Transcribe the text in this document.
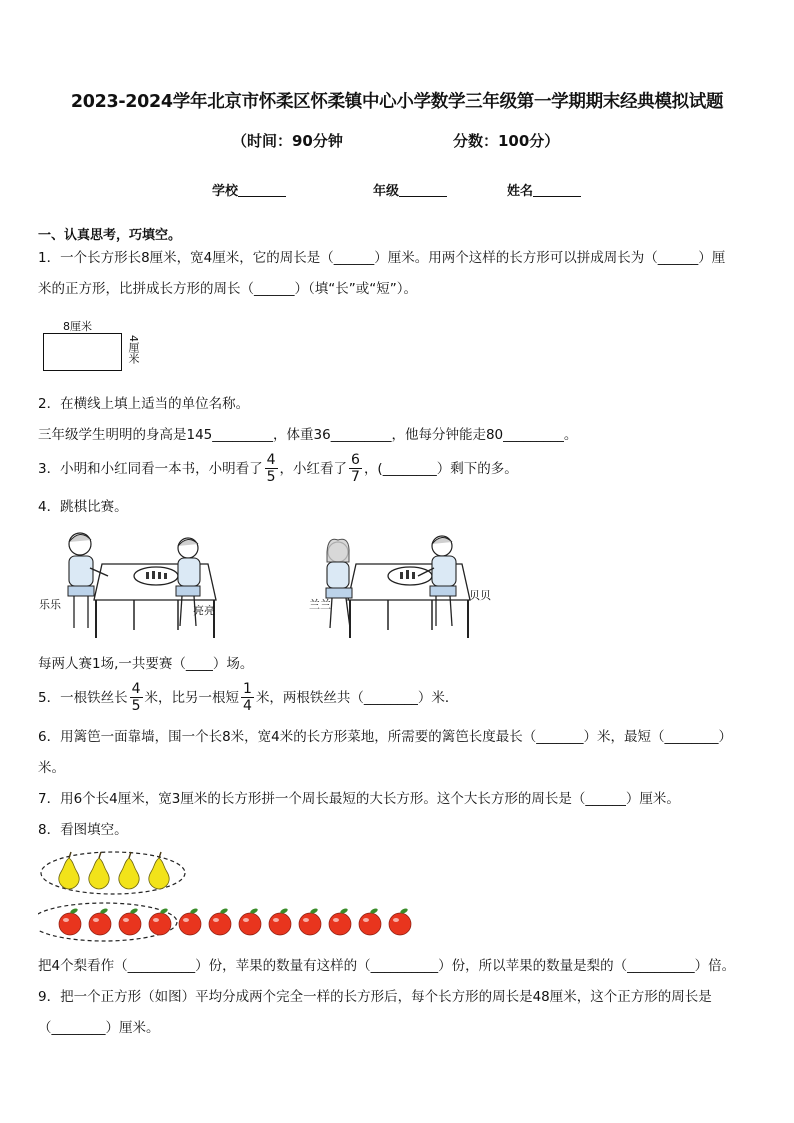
2023-2024学年北京市怀柔区怀柔镇中心小学数学三年级第一学期期末经典模拟试题
（时间：90分钟	分数：100分）
学校	年级	姓名
一、认真思考，巧填空。
1．一个长方形长8厘米，宽4厘米，它的周长是（______）厘米。用两个这样的长方形可以拼成周长为（______）厘
米的正方形，比拼成长方形的周长（______）（填“长”或“短”）。
8厘米
4厘米
2．在横线上填上适当的单位名称。
三年级学生明明的身高是145_________，体重36_________，他每分钟能走80_________。
3．小明和小红同看一本书，小明看了 $\frac{4}{5}$ ，小红看了 $\frac{6}{7}$ ，(________）剩下的多。
4．跳棋比赛。
乐乐	亮亮	兰兰
贝贝
每两人赛1场,一共要赛（____）场。
5．一根铁丝长 $\frac{4}{5}$ 米，比另一根短 $\frac{1}{4}$ 米，两根铁丝共（________）米．
6．用篱笆一面靠墙，围一个长8米，宽4米的长方形菜地，所需要的篱笆长度最长（_______）米，最短（________）
米。
7．用6个长4厘米，宽3厘米的长方形拼一个周长最短的大长方形。这个大长方形的周长是（______）厘米。
8．看图填空。
把4个梨看作（__________）份，苹果的数量有这样的（__________）份，所以苹果的数量是梨的（__________）倍。
9．把一个正方形（如图）平均分成两个完全一样的长方形后，每个长方形的周长是48厘米，这个正方形的周长是
（________）厘米。
